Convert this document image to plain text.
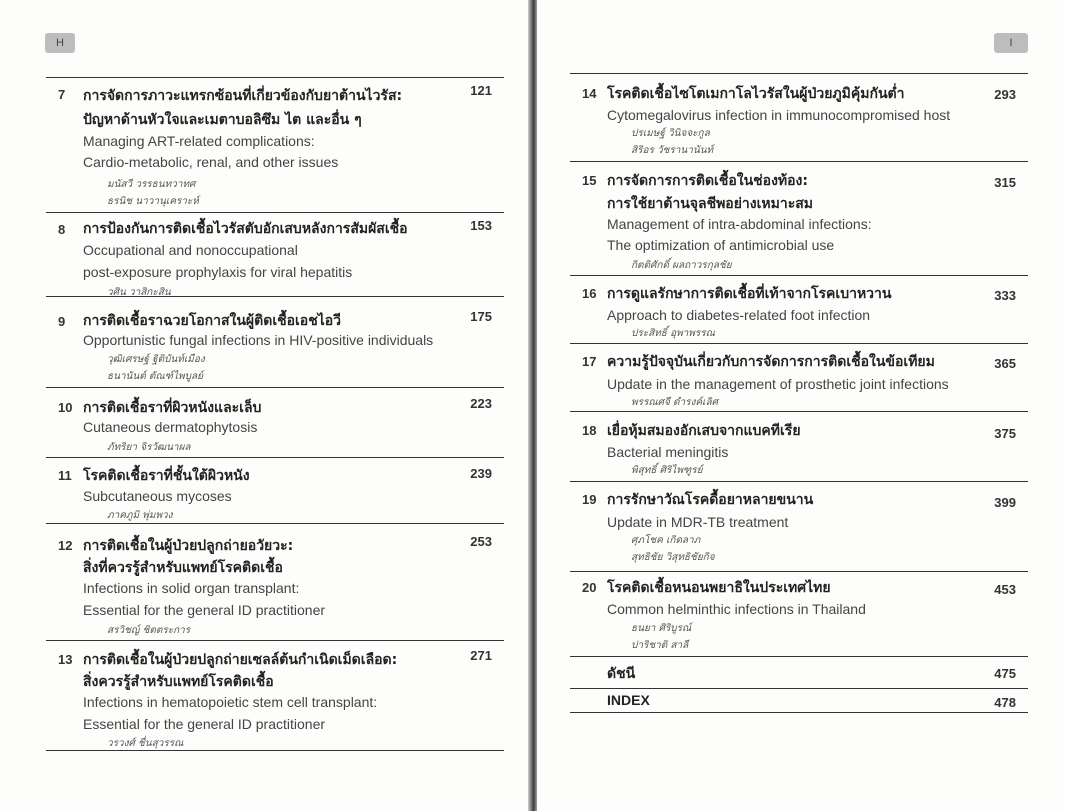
H
7	121
การจัดการภาวะแทรกซ้อนที่เกี่ยวข้องกับยาต้านไวรัส:
ปัญหาด้านหัวใจและเมตาบอลิซึม ไต และอื่น ๆ
Managing ART-related complications:
Cardio-metabolic, renal, and other issues
มนัสวี วรรธนทวาทศ
ธรนิช นาวานุเคราะห์
8	153
การป้องกันการติดเชื้อไวรัสตับอักเสบหลังการสัมผัสเชื้อ
Occupational and nonoccupational
post-exposure prophylaxis for viral hepatitis
วศิน วาสิกะสิน
9	175
การติดเชื้อราฉวยโอกาสในผู้ติดเชื้อเอชไอวี
Opportunistic fungal infections in HIV-positive individuals
วุฒิเศรษฐ์ ฐิติบันท์เมือง
ธนานันต์ ตัณฑ์ไพบูลย์
10	223
การติดเชื้อราที่ผิวหนังและเล็บ
Cutaneous dermatophytosis
ภัทริยา จิรวัฒนาผล
11	239
โรคติดเชื้อราที่ชั้นใต้ผิวหนัง
Subcutaneous mycoses
ภาคภูมิ พุ่มพวง
12	253
การติดเชื้อในผู้ป่วยปลูกถ่ายอวัยวะ:
สิ่งที่ควรรู้สำหรับแพทย์โรคติดเชื้อ
Infections in solid organ transplant:
Essential for the general ID practitioner
สรวิชญ์ ชิตตระการ
13	271
การติดเชื้อในผู้ป่วยปลูกถ่ายเซลล์ต้นกำเนิดเม็ดเลือด:
สิ่งควรรู้สำหรับแพทย์โรคติดเชื้อ
Infections in hematopoietic stem cell transplant:
Essential for the general ID practitioner
วรวงศ์ ชื่นสุวรรณ
I
14	293
โรคติดเชื้อไซโตเมกาโลไวรัสในผู้ป่วยภูมิคุ้มกันต่ำ
Cytomegalovirus infection in immunocompromised host
ปรเมษฐ์ วินิจจะกูล
สิริอร วัชรานานันท์
15	315
การจัดการการติดเชื้อในช่องท้อง:
การใช้ยาต้านจุลชีพอย่างเหมาะสม
Management of intra-abdominal infections:
The optimization of antimicrobial use
กิตติศักดิ์ ผลถาวรกุลชัย
16	333
การดูแลรักษาการติดเชื้อที่เท้าจากโรคเบาหวาน
Approach to diabetes-related foot infection
ประสิทธิ์ อุพาพรรณ
17	365
ความรู้ปัจจุบันเกี่ยวกับการจัดการการติดเชื้อในข้อเทียม
Update in the management of prosthetic joint infections
พรรณศจี ดำรงค์เลิศ
18	375
เยื่อหุ้มสมองอักเสบจากแบคทีเรีย
Bacterial meningitis
พิสุทธิ์ ศิริไพฑูรย์
19	399
การรักษาวัณโรคดื้อยาหลายขนาน
Update in MDR-TB treatment
ศุภโชค เกิดลาภ
สุทธิชัย วิสุทธิชัยกิจ
20	453
โรคติดเชื้อหนอนพยาธิในประเทศไทย
Common helminthic infections in Thailand
ธนยา ศิริบูรณ์
ปาริชาติ สาลี
ดัชนี	475
INDEX	478
